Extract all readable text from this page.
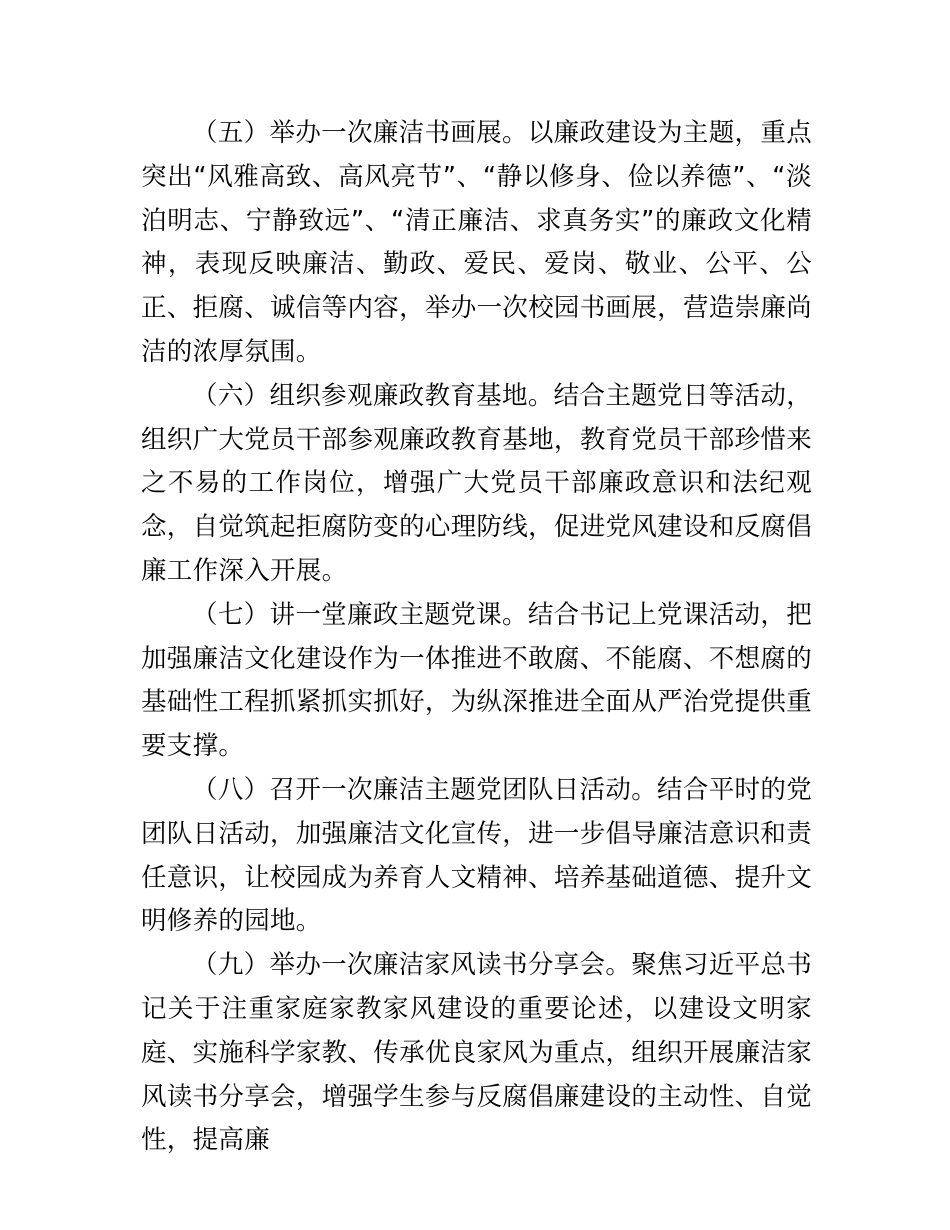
（五）举办一次廉洁书画展。以廉政建设为主题，重点突出“风雅高致、高风亮节”、“静以修身、俭以养德”、“淡泊明志、宁静致远”、“清正廉洁、求真务实”的廉政文化精神，表现反映廉洁、勤政、爱民、爱岗、敬业、公平、公正、拒腐、诚信等内容，举办一次校园书画展，营造崇廉尚洁的浓厚氛围。

（六）组织参观廉政教育基地。结合主题党日等活动，组织广大党员干部参观廉政教育基地，教育党员干部珍惜来之不易的工作岗位，增强广大党员干部廉政意识和法纪观念，自觉筑起拒腐防变的心理防线，促进党风建设和反腐倡廉工作深入开展。

（七）讲一堂廉政主题党课。结合书记上党课活动，把加强廉洁文化建设作为一体推进不敢腐、不能腐、不想腐的基础性工程抓紧抓实抓好，为纵深推进全面从严治党提供重要支撑。

（八）召开一次廉洁主题党团队日活动。结合平时的党团队日活动，加强廉洁文化宣传，进一步倡导廉洁意识和责任意识，让校园成为养育人文精神、培养基础道德、提升文明修养的园地。

（九）举办一次廉洁家风读书分享会。聚焦习近平总书记关于注重家庭家教家风建设的重要论述，以建设文明家庭、实施科学家教、传承优良家风为重点，组织开展廉洁家风读书分享会，增强学生参与反腐倡廉建设的主动性、自觉性，提高廉
